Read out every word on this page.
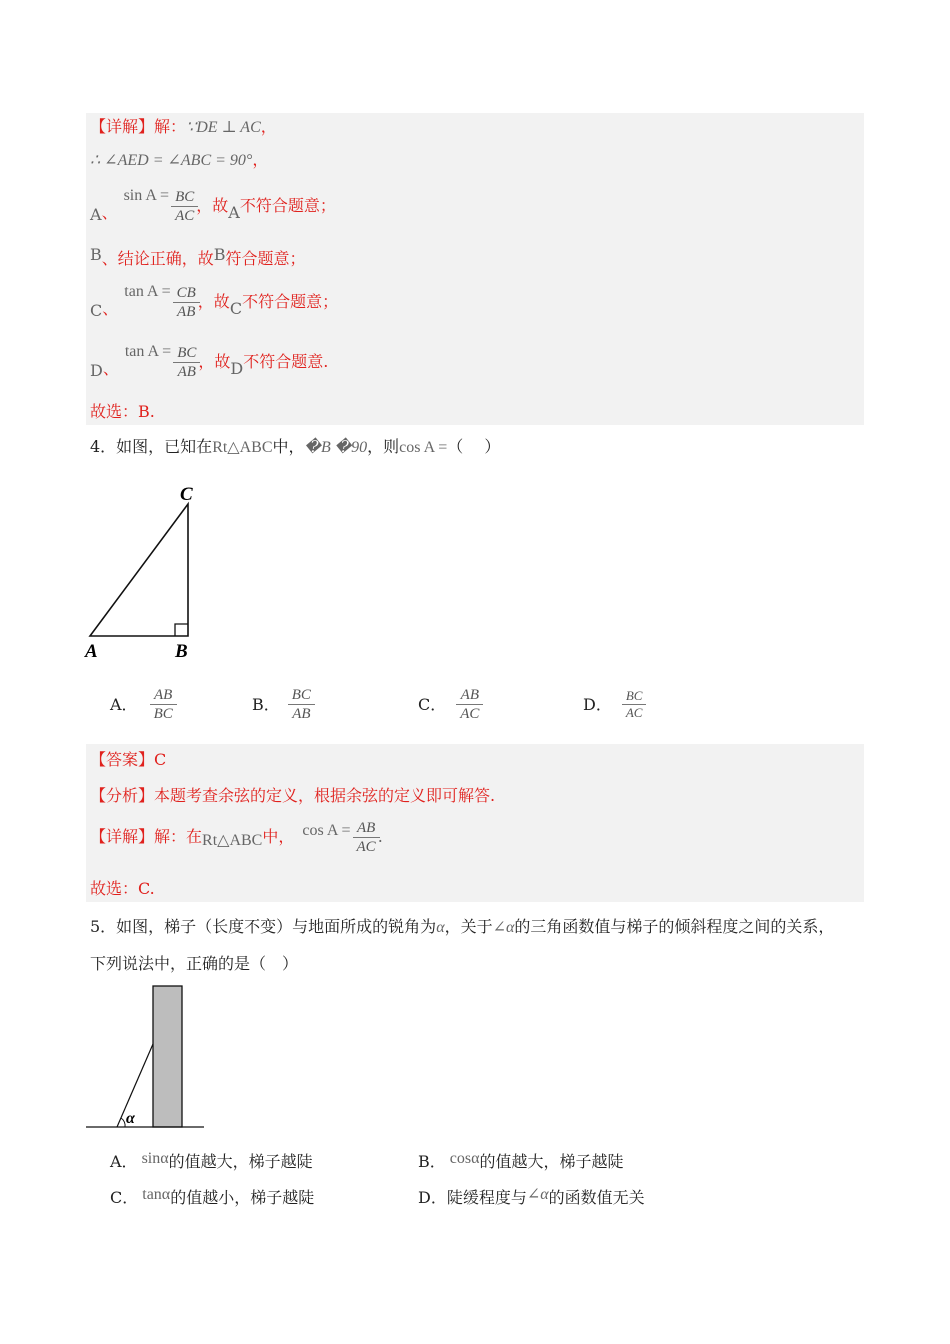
【详解】解：∵DE ⊥ AC，
∴ ∠AED = ∠ABC = 90°，
A 、
$\sin A = \frac{BC}{AC}$ ，故 A 不符合题意；
B、结论正确，故B符合题意；
C 、
$\tan A = \frac{CB}{AB}$ ，故 C 不符合题意；
D 、
$\tan A = \frac{BC}{AB}$ ，故 D 不符合题意.
故选：B.
4．如图，已知在Rt△ABC中，�B �90，则cos A =（　 ）
C
A	B
A． $\frac{AB}{BC}$	B． $\frac{BC}{AB}$	C． $\frac{AB}{AC}$	D． $\frac{BC}{AC}$
【答案】C
【分析】本题考查余弦的定义，根据余弦的定义即可解答.
【详解】 解：在 Rt△ABC 中， $\cos A = \frac{AB}{AC}$ .
故选：C.
5．如图，梯子（长度不变）与地面所成的锐角为α，关于∠α的三角函数值与梯子的倾斜程度之间的关系，
下列说法中，正确的是（　）
α
A． sinα的值越大，梯子越陡	B． cosα的值越大，梯子越陡
C． tanα的值越小，梯子越陡	D．陡缓程度与∠α的函数值无关
